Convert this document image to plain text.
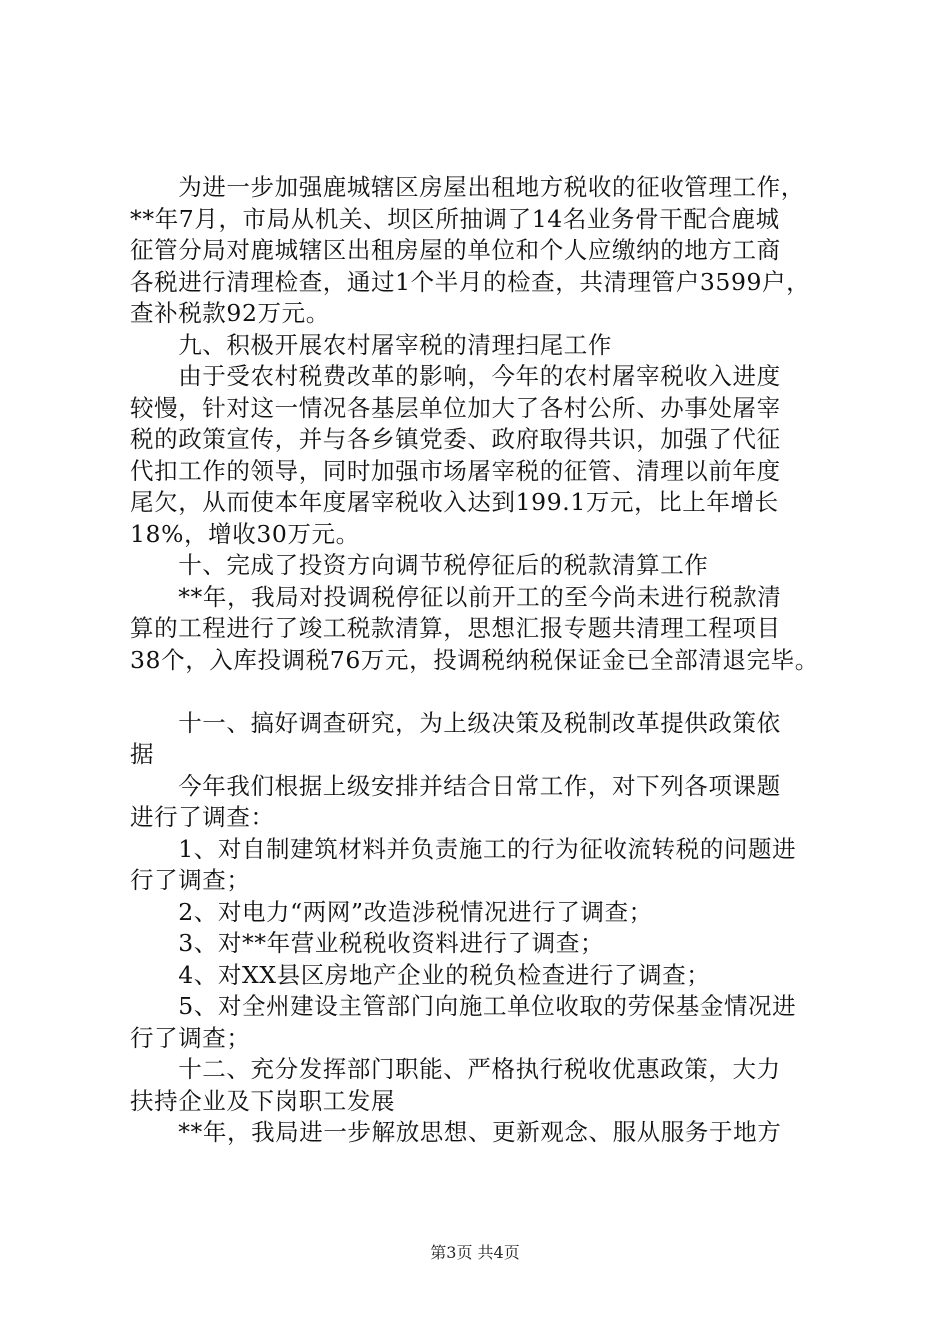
　　为进一步加强鹿城辖区房屋出租地方税收的征收管理工作，
**年7月，市局从机关、坝区所抽调了14名业务骨干配合鹿城
征管分局对鹿城辖区出租房屋的单位和个人应缴纳的地方工商
各税进行清理检查，通过1个半月的检查，共清理管户3599户，
查补税款92万元。
　　九、积极开展农村屠宰税的清理扫尾工作
　　由于受农村税费改革的影响，今年的农村屠宰税收入进度
较慢，针对这一情况各基层单位加大了各村公所、办事处屠宰
税的政策宣传，并与各乡镇党委、政府取得共识，加强了代征
代扣工作的领导，同时加强市场屠宰税的征管、清理以前年度
尾欠，从而使本年度屠宰税收入达到199.1万元，比上年增长
18%，增收30万元。
　　十、完成了投资方向调节税停征后的税款清算工作
　　**年，我局对投调税停征以前开工的至今尚未进行税款清
算的工程进行了竣工税款清算，思想汇报专题共清理工程项目
38个，入库投调税76万元，投调税纳税保证金已全部清退完毕。
　　十一、搞好调查研究，为上级决策及税制改革提供政策依
据
　　今年我们根据上级安排并结合日常工作，对下列各项课题
进行了调查：
　　1、对自制建筑材料并负责施工的行为征收流转税的问题进
行了调查；
　　2、对电力“两网”改造涉税情况进行了调查；
　　3、对**年营业税税收资料进行了调查；
　　4、对XX县区房地产企业的税负检查进行了调查；
　　5、对全州建设主管部门向施工单位收取的劳保基金情况进
行了调查；
　　十二、充分发挥部门职能、严格执行税收优惠政策，大力
扶持企业及下岗职工发展
　　**年，我局进一步解放思想、更新观念、服从服务于地方
第3页 共4页
